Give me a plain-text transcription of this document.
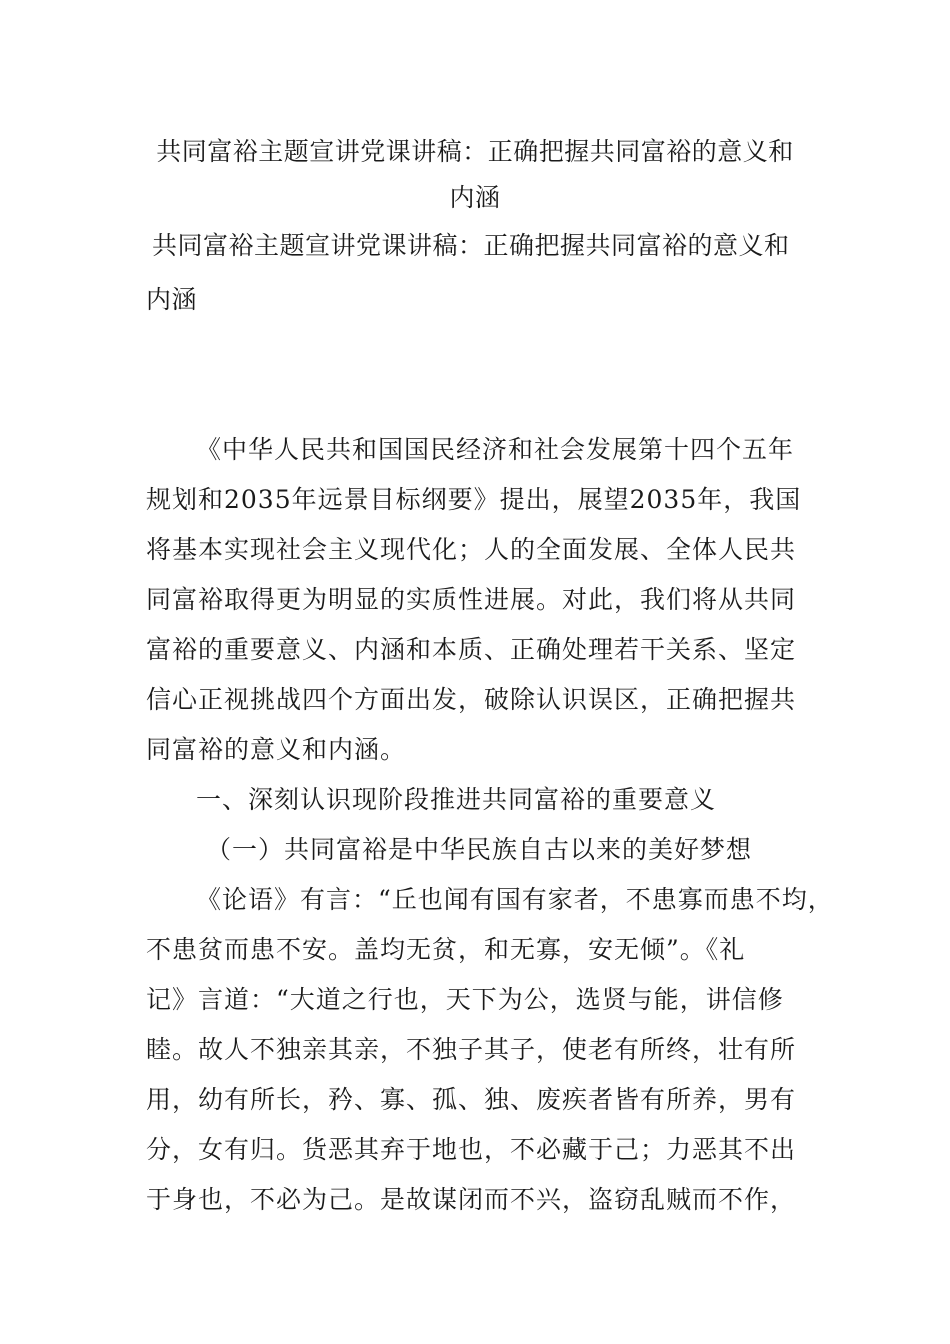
共同富裕主题宣讲党课讲稿：正确把握共同富裕的意义和
内涵
共同富裕主题宣讲党课讲稿：正确把握共同富裕的意义和
内涵
《中华人民共和国国民经济和社会发展第十四个五年
规划和2035年远景目标纲要》提出，展望2035年，我国
将基本实现社会主义现代化；人的全面发展、全体人民共
同富裕取得更为明显的实质性进展。对此，我们将从共同
富裕的重要意义、内涵和本质、正确处理若干关系、坚定
信心正视挑战四个方面出发，破除认识误区，正确把握共
同富裕的意义和内涵。
一、深刻认识现阶段推进共同富裕的重要意义
（一）共同富裕是中华民族自古以来的美好梦想
《论语》有言：“丘也闻有国有家者，不患寡而患不均，
不患贫而患不安。盖均无贫，和无寡，安无倾”。《礼
记》言道：“大道之行也，天下为公，选贤与能，讲信修
睦。故人不独亲其亲，不独子其子，使老有所终，壮有所
用，幼有所长，矜、寡、孤、独、废疾者皆有所养，男有
分，女有归。货恶其弃于地也，不必藏于己；力恶其不出
于身也，不必为己。是故谋闭而不兴，盗窃乱贼而不作，
